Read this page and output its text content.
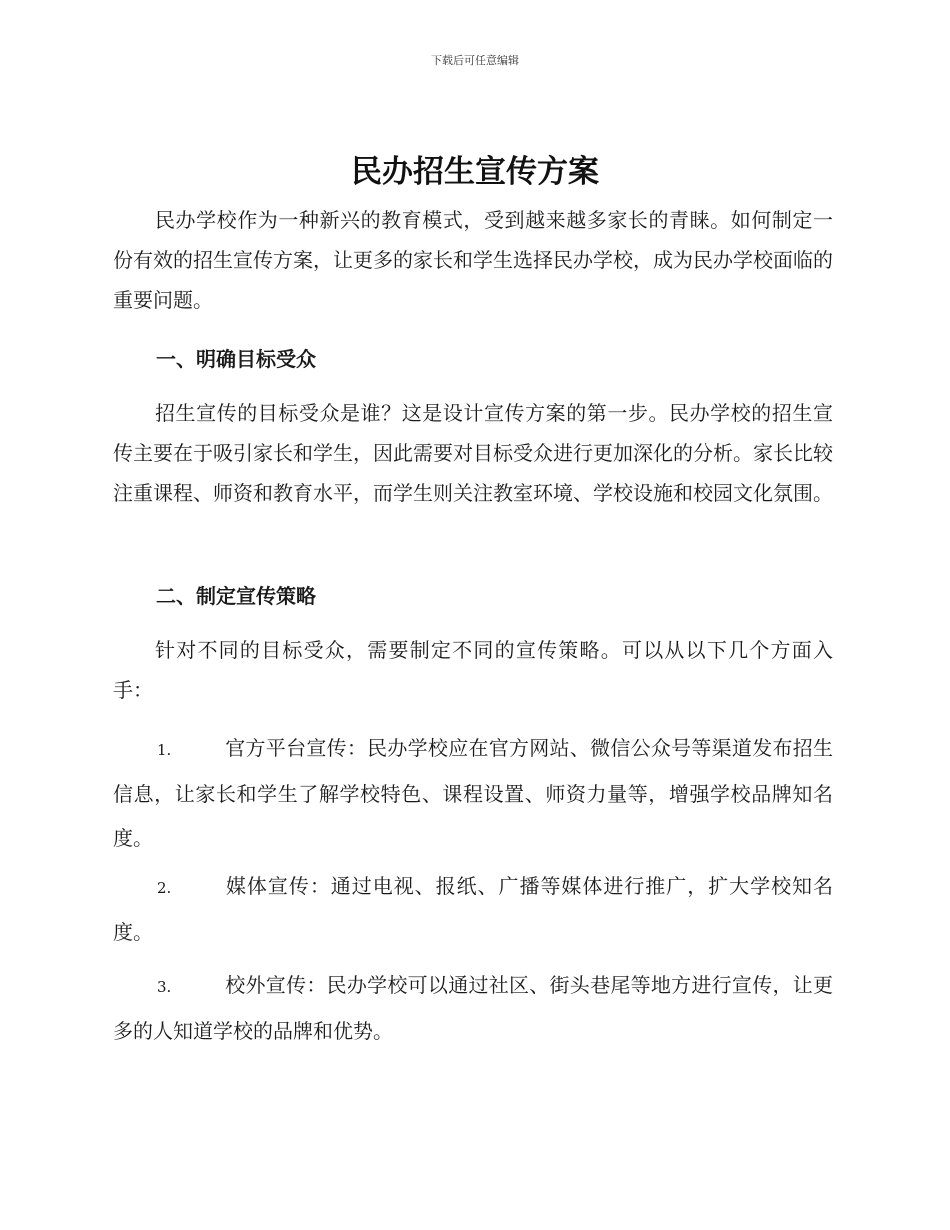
下载后可任意编辑
民办招生宣传方案

民办学校作为一种新兴的教育模式，受到越来越多家长的青睐。如何制定一份有效的招生宣传方案，让更多的家长和学生选择民办学校，成为民办学校面临的重要问题。

一、明确目标受众

招生宣传的目标受众是谁？这是设计宣传方案的第一步。民办学校的招生宣传主要在于吸引家长和学生，因此需要对目标受众进行更加深化的分析。家长比较注重课程、师资和教育水平，而学生则关注教室环境、学校设施和校园文化氛围。

二、制定宣传策略

针对不同的目标受众，需要制定不同的宣传策略。可以从以下几个方面入手：

1.	官方平台宣传：民办学校应在官方网站、微信公众号等渠道发布招生信息，让家长和学生了解学校特色、课程设置、师资力量等，增强学校品牌知名度。

2.	媒体宣传：通过电视、报纸、广播等媒体进行推广，扩大学校知名度。

3.	校外宣传：民办学校可以通过社区、街头巷尾等地方进行宣传，让更多的人知道学校的品牌和优势。
